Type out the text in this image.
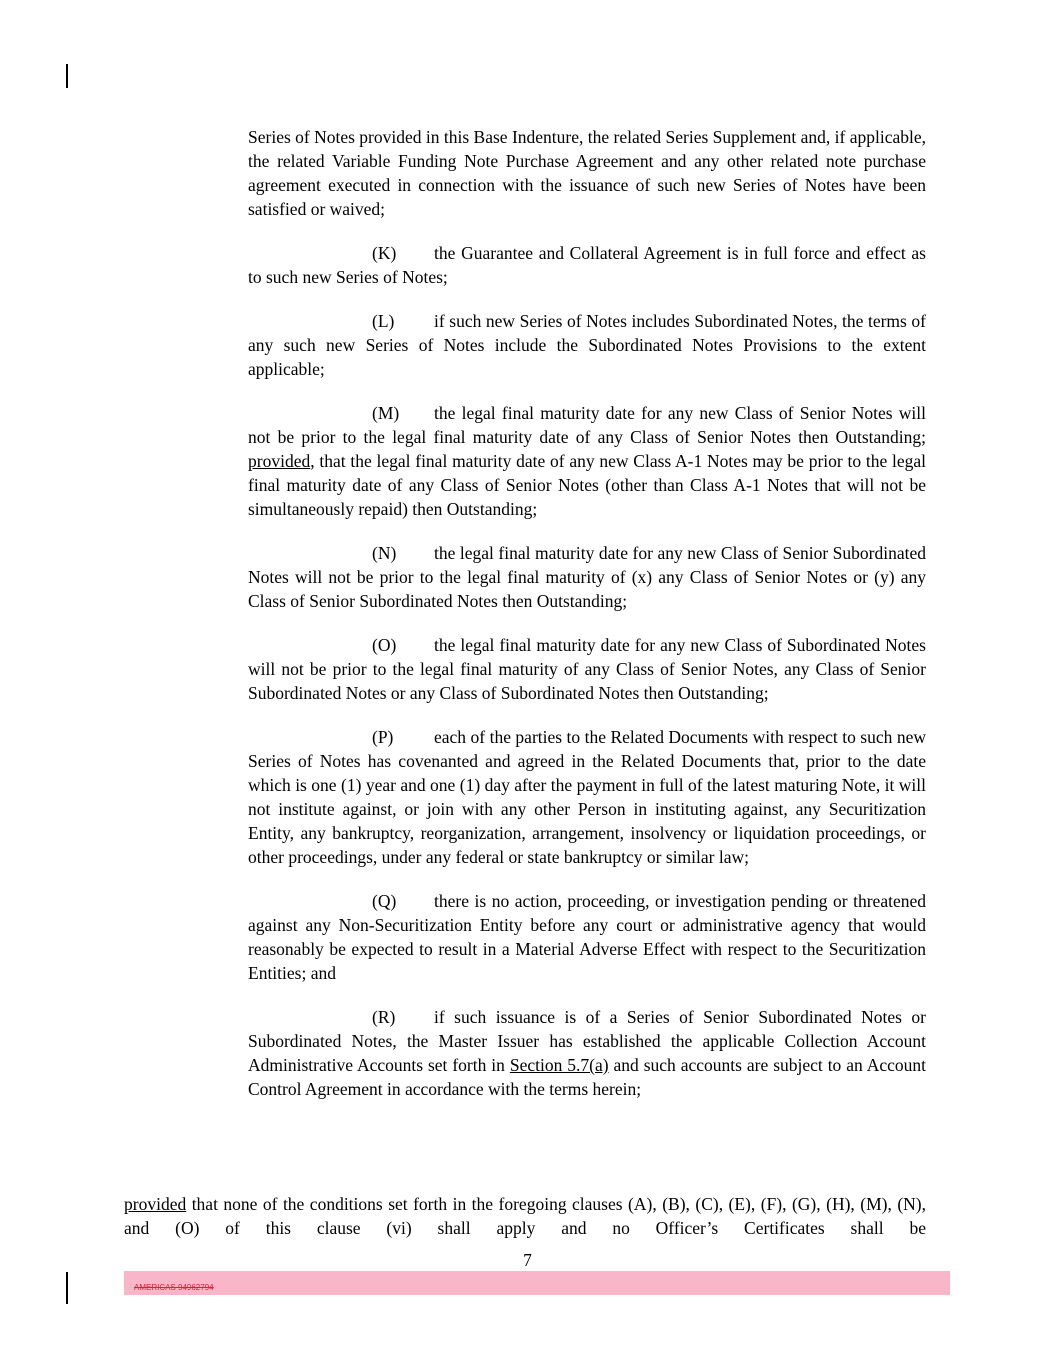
Series of Notes provided in this Base Indenture, the related Series Supplement and, if applicable, the related Variable Funding Note Purchase Agreement and any other related note purchase agreement executed in connection with the issuance of such new Series of Notes have been satisfied or waived;

(K) the Guarantee and Collateral Agreement is in full force and effect as to such new Series of Notes;

(L) if such new Series of Notes includes Subordinated Notes, the terms of any such new Series of Notes include the Subordinated Notes Provisions to the extent applicable;

(M) the legal final maturity date for any new Class of Senior Notes will not be prior to the legal final maturity date of any Class of Senior Notes then Outstanding; provided, that the legal final maturity date of any new Class A-1 Notes may be prior to the legal final maturity date of any Class of Senior Notes (other than Class A-1 Notes that will not be simultaneously repaid) then Outstanding;

(N) the legal final maturity date for any new Class of Senior Subordinated Notes will not be prior to the legal final maturity of (x) any Class of Senior Notes or (y) any Class of Senior Subordinated Notes then Outstanding;

(O) the legal final maturity date for any new Class of Subordinated Notes will not be prior to the legal final maturity of any Class of Senior Notes, any Class of Senior Subordinated Notes or any Class of Subordinated Notes then Outstanding;

(P) each of the parties to the Related Documents with respect to such new Series of Notes has covenanted and agreed in the Related Documents that, prior to the date which is one (1) year and one (1) day after the payment in full of the latest maturing Note, it will not institute against, or join with any other Person in instituting against, any Securitization Entity, any bankruptcy, reorganization, arrangement, insolvency or liquidation proceedings, or other proceedings, under any federal or state bankruptcy or similar law;

(Q) there is no action, proceeding, or investigation pending or threatened against any Non-Securitization Entity before any court or administrative agency that would reasonably be expected to result in a Material Adverse Effect with respect to the Securitization Entities; and

(R) if such issuance is of a Series of Senior Subordinated Notes or Subordinated Notes, the Master Issuer has established the applicable Collection Account Administrative Accounts set forth in Section 5.7(a) and such accounts are subject to an Account Control Agreement in accordance with the terms herein;

provided that none of the conditions set forth in the foregoing clauses (A), (B), (C), (E), (F), (G), (H), (M), (N), and (O) of this clause (vi) shall apply and no Officer’s Certificates shall be

7
AMERICAS 94962794
